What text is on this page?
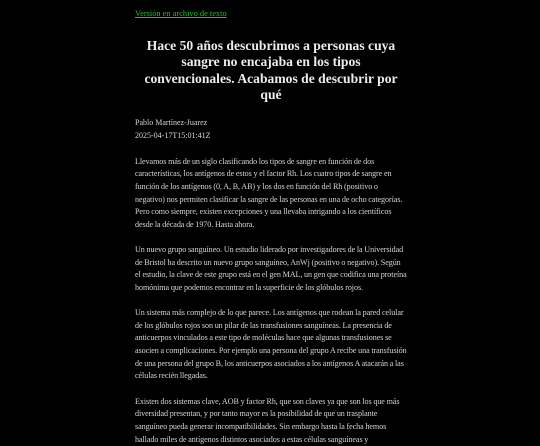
Versión en archivo de texto
Hace 50 años descubrimos a personas cuya sangre no encajaba en los tipos convencionales. Acabamos de descubrir por qué
Pablo Martínez-Juarez
2025-04-17T15:01:41Z

Llevamos más de un siglo clasificando los tipos de sangre en función de dos características, los antígenos de estos y el factor Rh. Los cuatro tipos de sangre en función de los antígenos (0, A, B, AB) y los dos en función del Rh (positivo o negativo) nos permiten clasificar la sangre de las personas en una de ocho categorías. Pero como siempre, existen excepciones y una llevaba intrigando a los científicos desde la década de 1970. Hasta ahora.

Un nuevo grupo sanguíneo. Un estudio liderado por investigadores de la Universidad de Bristol ha descrito un nuevo grupo sanguíneo, AnWj (positivo o negativo). Según el estudio, la clave de este grupo está en el gen MAL, un gen que codifica una proteína homónima que podemos encontrar en la superficie de los glóbulos rojos.

Un sistema más complejo de lo que parece. Los antígenos que rodean la pared celular de los glóbulos rojos son un pilar de las transfusiones sanguíneas. La presencia de anticuerpos vinculados a este tipo de moléculas hace que algunas transfusiones se asocien a complicaciones. Por ejemplo una persona del grupo A recibe una transfusión de una persona del grupo B, los anticuerpos asociados a los antígenos A atacarán a las células recién llegadas.

Existen dos sistemas clave, AOB y factor Rh, que son claves ya que son los que más diversidad presentan, y por tanto mayor es la posibilidad de que un trasplante sanguíneo pueda generar incompatibilidades. Sin embargo hasta la fecha hemos hallado miles de antígenos distintos asociados a estas células sanguíneas y
